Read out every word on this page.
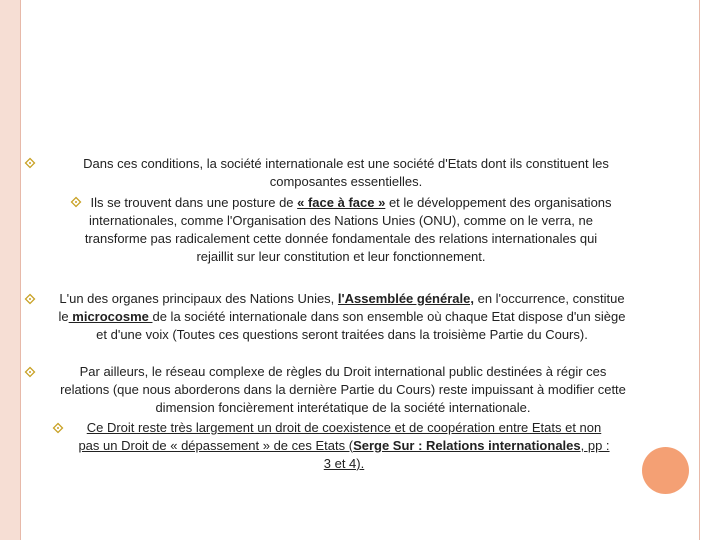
Dans ces conditions, la société internationale est une société d'Etats dont ils constituent les composantes essentielles.

Ils se trouvent dans une posture de « face à face » et le développement des organisations internationales, comme l'Organisation des Nations Unies (ONU), comme on le verra, ne transforme pas radicalement cette donnée fondamentale des relations internationales qui rejaillit sur leur constitution et leur fonctionnement.

L'un des organes principaux des Nations Unies, l'Assemblée générale, en l'occurrence, constitue le microcosme de la société internationale dans son ensemble où chaque Etat dispose d'un siège et d'une voix (Toutes ces questions seront traitées dans la troisième Partie du Cours).

Par ailleurs, le réseau complexe de règles du Droit international public destinées à régir ces relations (que nous aborderons dans la dernière Partie du Cours) reste impuissant à modifier cette dimension foncièrement interétatique de la société internationale.

Ce Droit reste très largement un droit de coexistence et de coopération entre Etats et non pas un Droit de « dépassement » de ces Etats (Serge Sur : Relations internationales, pp : 3 et 4).
